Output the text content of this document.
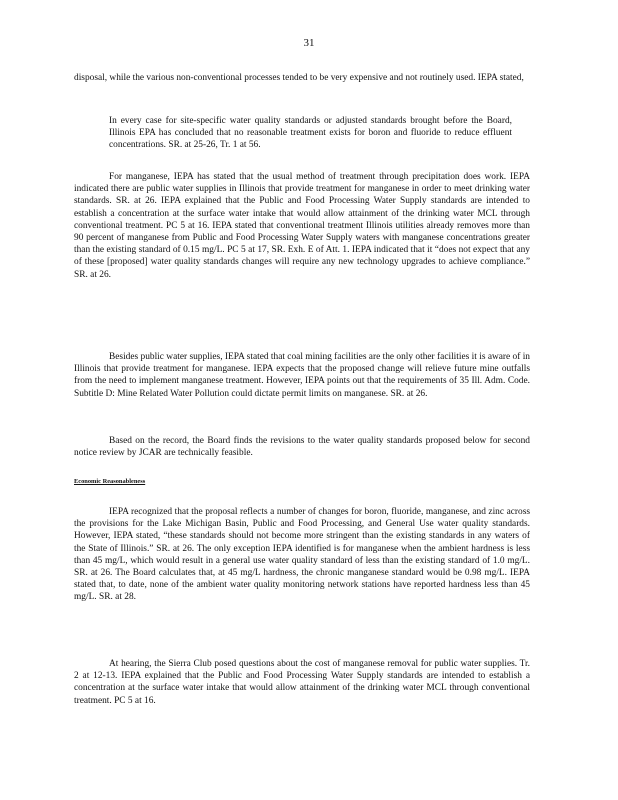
31

disposal, while the various non-conventional processes tended to be very expensive and not routinely used. IEPA stated,

In every case for site-specific water quality standards or adjusted standards brought before the Board, Illinois EPA has concluded that no reasonable treatment exists for boron and fluoride to reduce effluent concentrations. SR. at 25-26, Tr. 1 at 56.

For manganese, IEPA has stated that the usual method of treatment through precipitation does work. IEPA indicated there are public water supplies in Illinois that provide treatment for manganese in order to meet drinking water standards. SR. at 26. IEPA explained that the Public and Food Processing Water Supply standards are intended to establish a concentration at the surface water intake that would allow attainment of the drinking water MCL through conventional treatment. PC 5 at 16. IEPA stated that conventional treatment Illinois utilities already removes more than 90 percent of manganese from Public and Food Processing Water Supply waters with manganese concentrations greater than the existing standard of 0.15 mg/L. PC 5 at 17, SR. Exh. E of Att. 1. IEPA indicated that it “does not expect that any of these [proposed] water quality standards changes will require any new technology upgrades to achieve compliance.” SR. at 26.

Besides public water supplies, IEPA stated that coal mining facilities are the only other facilities it is aware of in Illinois that provide treatment for manganese. IEPA expects that the proposed change will relieve future mine outfalls from the need to implement manganese treatment. However, IEPA points out that the requirements of 35 Ill. Adm. Code. Subtitle D: Mine Related Water Pollution could dictate permit limits on manganese. SR. at 26.

Based on the record, the Board finds the revisions to the water quality standards proposed below for second notice review by JCAR are technically feasible.

Economic Reasonableness

IEPA recognized that the proposal reflects a number of changes for boron, fluoride, manganese, and zinc across the provisions for the Lake Michigan Basin, Public and Food Processing, and General Use water quality standards. However, IEPA stated, “these standards should not become more stringent than the existing standards in any waters of the State of Illinois.” SR. at 26. The only exception IEPA identified is for manganese when the ambient hardness is less than 45 mg/L, which would result in a general use water quality standard of less than the existing standard of 1.0 mg/L. SR. at 26. The Board calculates that, at 45 mg/L hardness, the chronic manganese standard would be 0.98 mg/L. IEPA stated that, to date, none of the ambient water quality monitoring network stations have reported hardness less than 45 mg/L. SR. at 28.

At hearing, the Sierra Club posed questions about the cost of manganese removal for public water supplies. Tr. 2 at 12-13. IEPA explained that the Public and Food Processing Water Supply standards are intended to establish a concentration at the surface water intake that would allow attainment of the drinking water MCL through conventional treatment. PC 5 at 16.
